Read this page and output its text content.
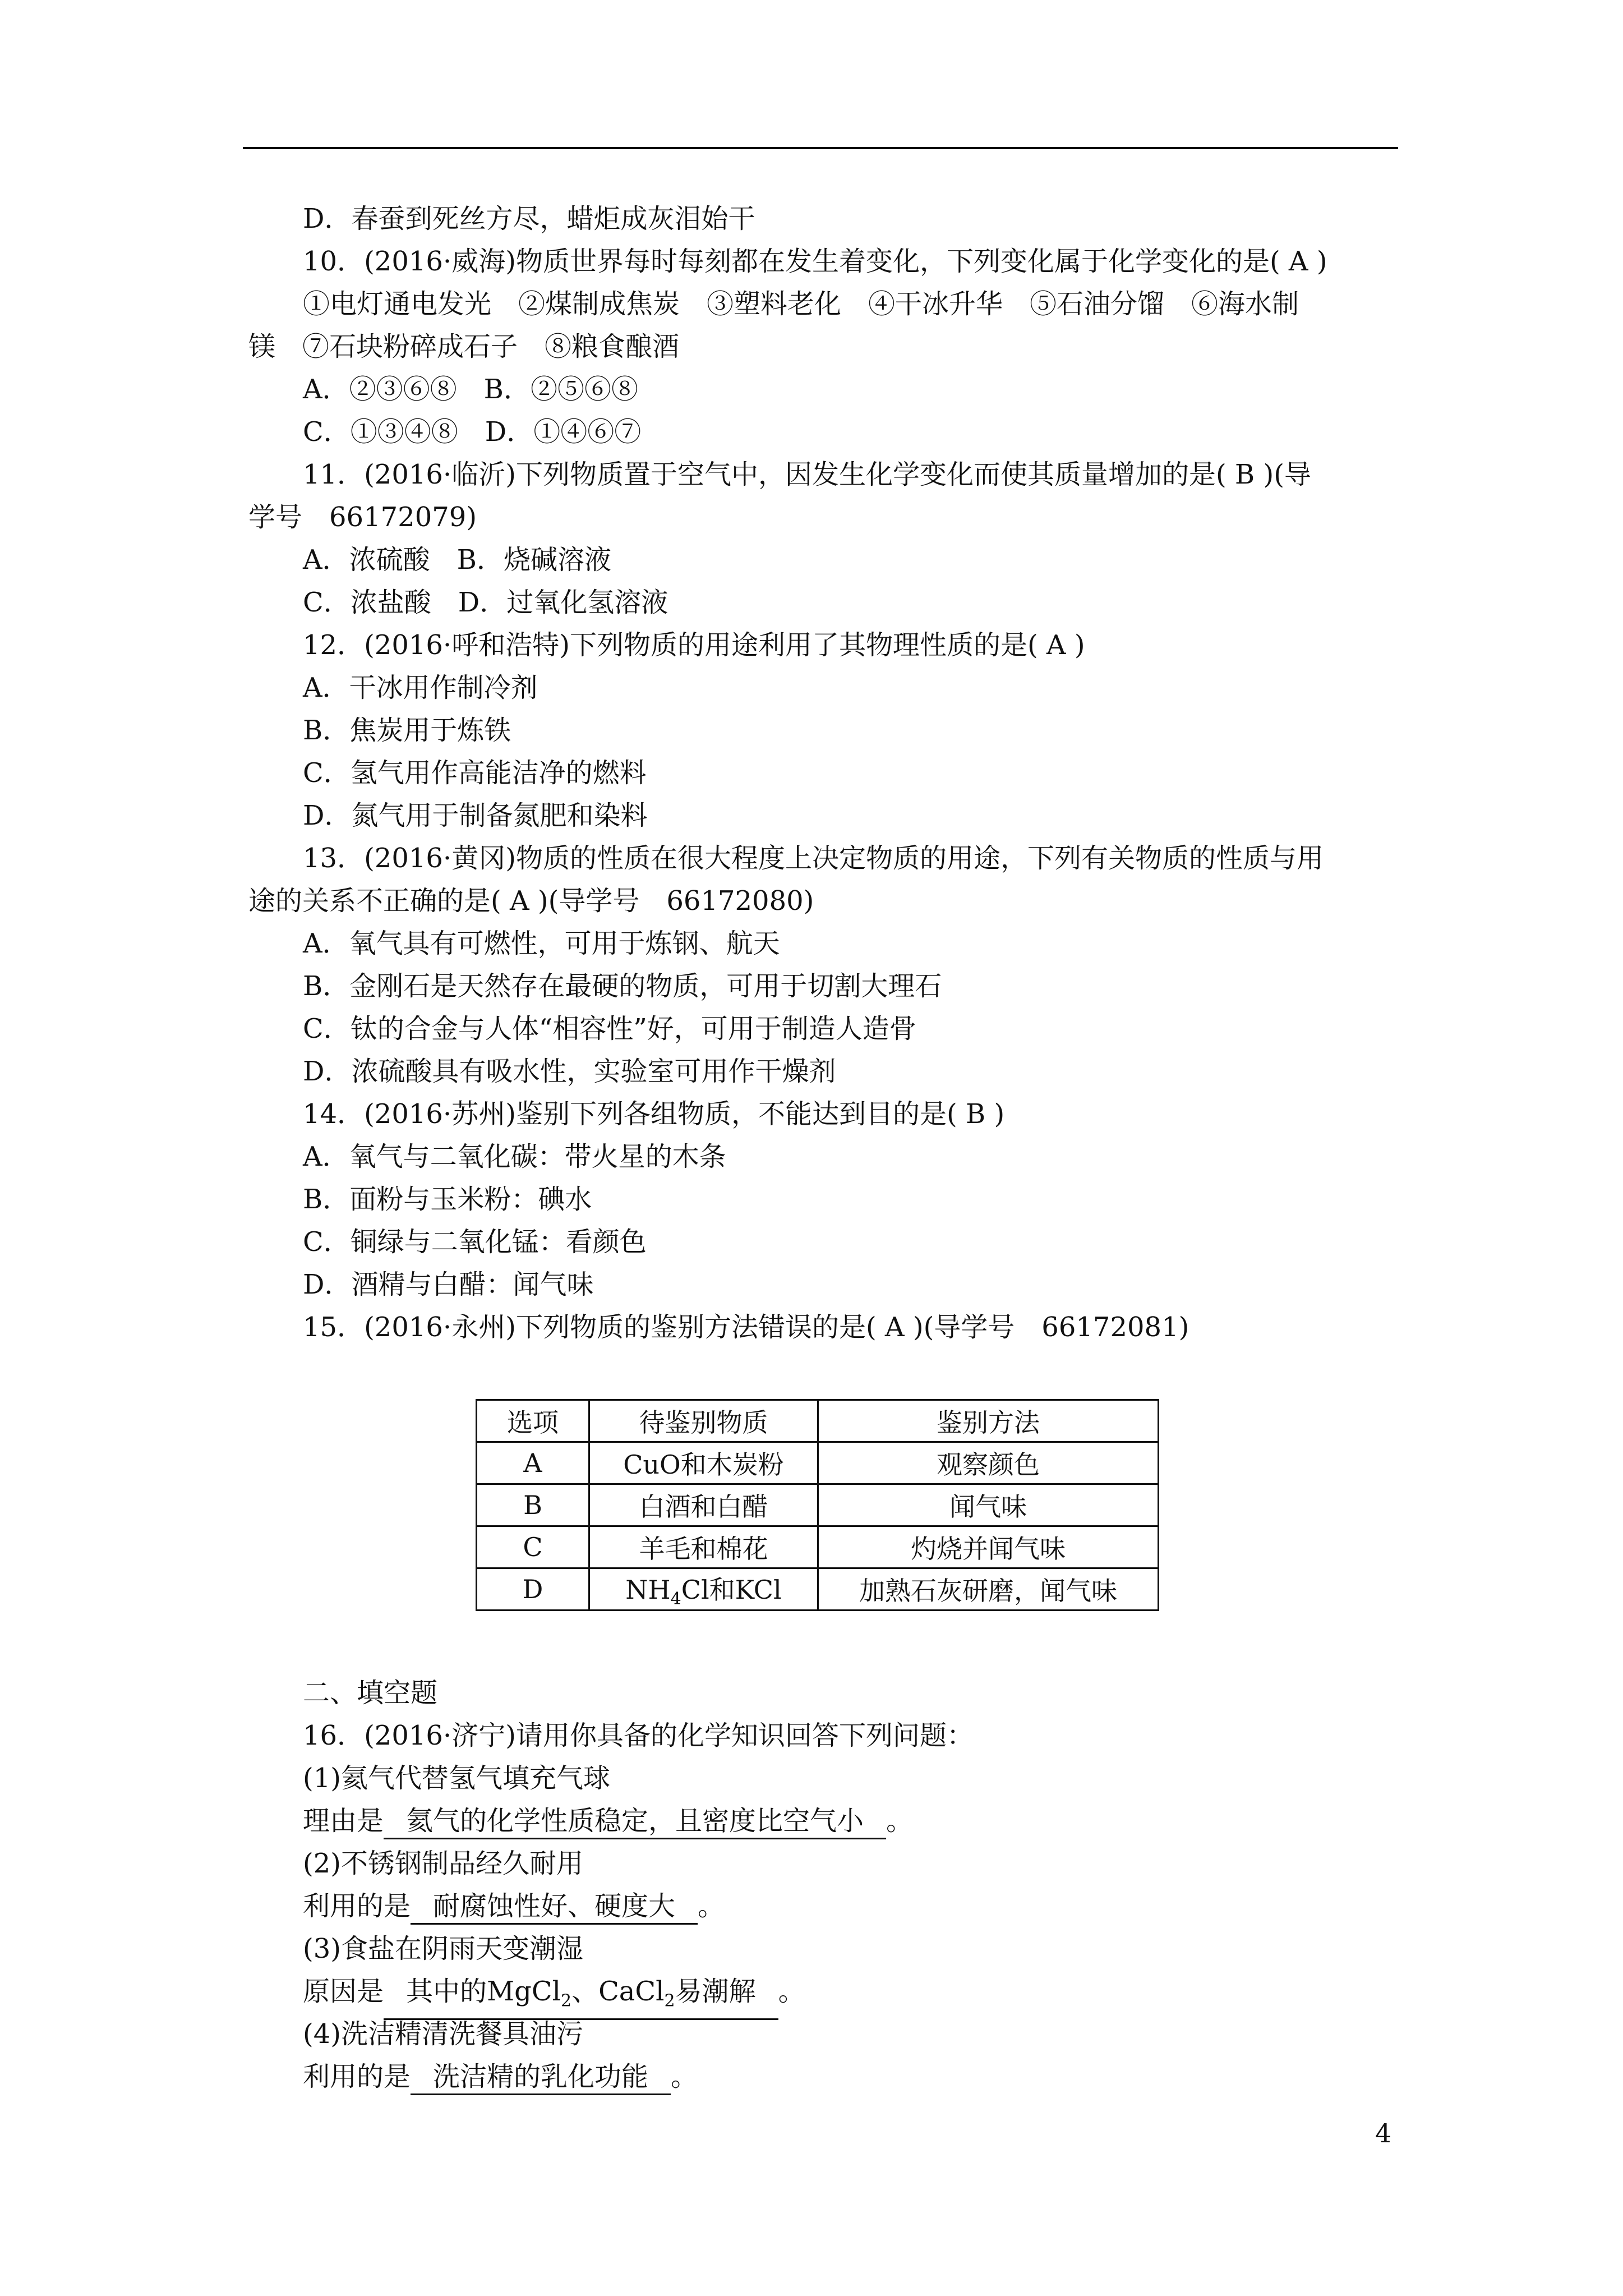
D．春蚕到死丝方尽，蜡炬成灰泪始干
10．(2016·威海)物质世界每时每刻都在发生着变化，下列变化属于化学变化的是( A )
①电灯通电发光　②煤制成焦炭　③塑料老化　④干冰升华　⑤石油分馏　⑥海水制
镁　⑦石块粉碎成石子　⑧粮食酿酒
A．②③⑥⑧　B．②⑤⑥⑧
C．①③④⑧　D．①④⑥⑦
11．(2016·临沂)下列物质置于空气中，因发生化学变化而使其质量增加的是( B )(导
学号　66172079)
A．浓硫酸　B．烧碱溶液
C．浓盐酸　D．过氧化氢溶液
12．(2016·呼和浩特)下列物质的用途利用了其物理性质的是( A )
A．干冰用作制冷剂
B．焦炭用于炼铁
C．氢气用作高能洁净的燃料
D．氮气用于制备氮肥和染料
13．(2016·黄冈)物质的性质在很大程度上决定物质的用途，下列有关物质的性质与用
途的关系不正确的是( A )(导学号　66172080)
A．氧气具有可燃性，可用于炼钢、航天
B．金刚石是天然存在最硬的物质，可用于切割大理石
C．钛的合金与人体“相容性”好，可用于制造人造骨
D．浓硫酸具有吸水性，实验室可用作干燥剂
14．(2016·苏州)鉴别下列各组物质，不能达到目的是( B )
A．氧气与二氧化碳：带火星的木条
B．面粉与玉米粉：碘水
C．铜绿与二氧化锰：看颜色
D．酒精与白醋：闻气味
15．(2016·永州)下列物质的鉴别方法错误的是( A )(导学号　66172081)
选项	待鉴别物质	鉴别方法
A	CuO和木炭粉	观察颜色
B	白酒和白醋	闻气味
C	羊毛和棉花	灼烧并闻气味
D	$NH_4Cl$和KCl	加熟石灰研磨，闻气味
二、填空题
16．(2016·济宁)请用你具备的化学知识回答下列问题：
(1)氦气代替氢气填充气球
理由是 氦气的化学性质稳定，且密度比空气小 。
(2)不锈钢制品经久耐用
利用的是 耐腐蚀性好、硬度大 。
(3)食盐在阴雨天变潮湿
原因是 其中的MgCl$_2$、CaCl$_2$易潮解 。
(4)洗洁精清洗餐具油污
利用的是 洗洁精的乳化功能 。
4
